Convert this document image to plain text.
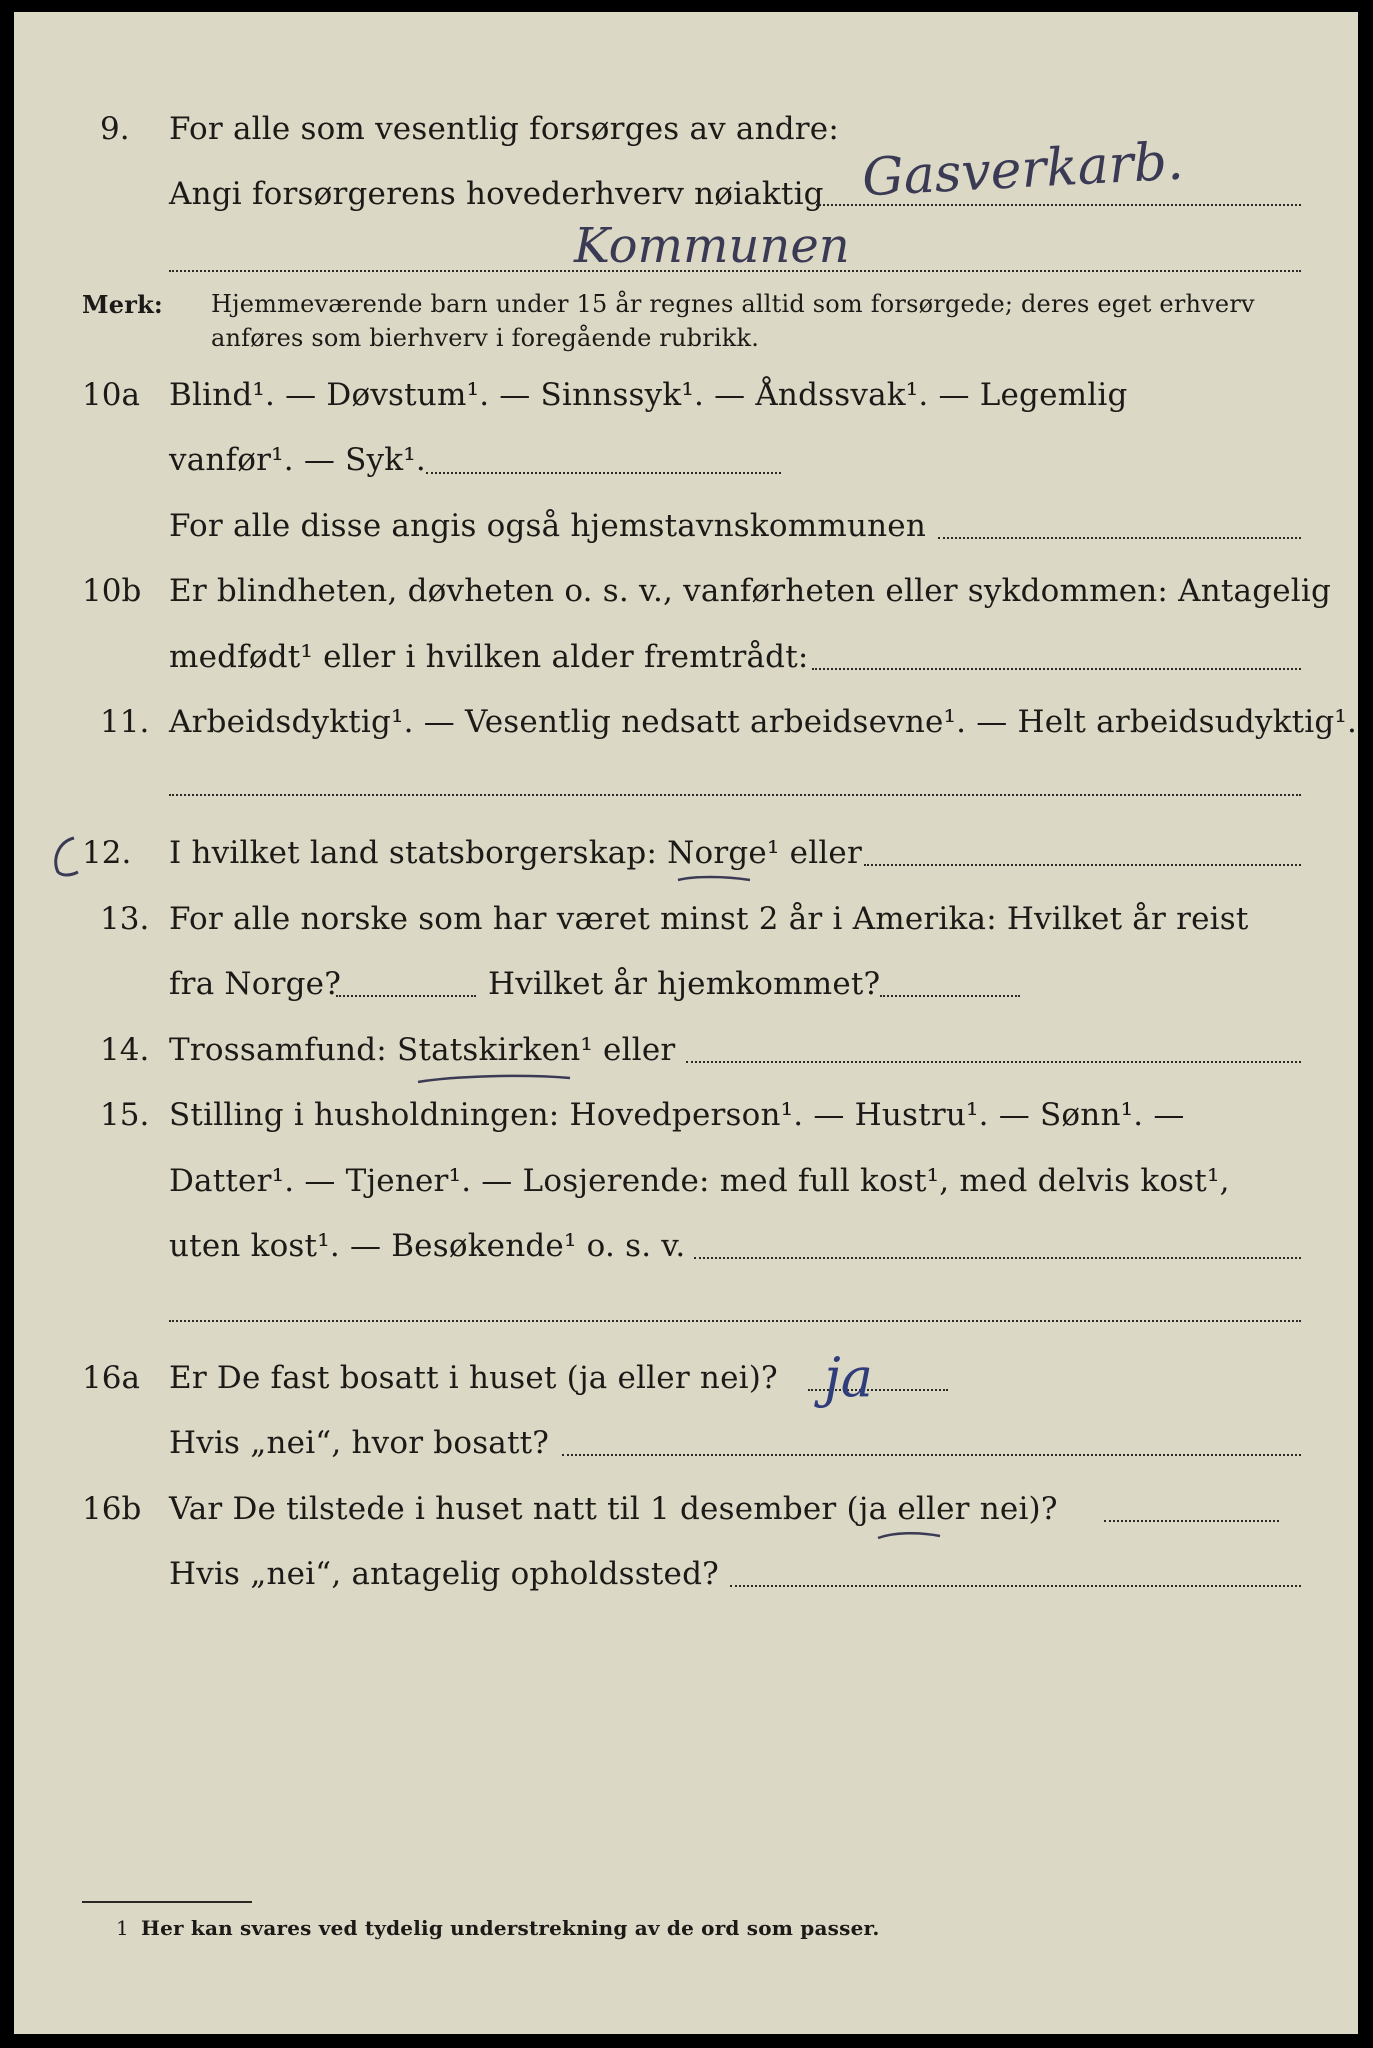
9. For alle som vesentlig forsørges av andre:
Angi forsørgerens hovederhverv nøiaktig Gasverkarb.
Kommunen
Merk: Hjemmeværende barn under 15 år regnes alltid som forsørgede; deres eget erhverv
anføres som bierhverv i foregående rubrikk.
10a Blind¹. — Døvstum¹. — Sinnssyk¹. — Åndssvak¹. — Legemlig
vanfør¹. — Syk¹.
For alle disse angis også hjemstavnskommunen
10b Er blindheten, døvheten o. s. v., vanførheten eller sykdommen: Antagelig
medfødt¹ eller i hvilken alder fremtrådt:
11. Arbeidsdyktig¹. — Vesentlig nedsatt arbeidsevne¹. — Helt arbeidsudyktig¹.
12. I hvilket land statsborgerskap: Norge¹ eller
13. For alle norske som har været minst 2 år i Amerika: Hvilket år reist
fra Norge?	Hvilket år hjemkommet?
14. Trossamfund: Statskirken¹ eller
15. Stilling i husholdningen: Hovedperson¹. — Hustru¹. — Sønn¹. —
Datter¹. — Tjener¹. — Losjerende: med full kost¹, med delvis kost¹,
uten kost¹. — Besøkende¹ o. s. v.
16a Er De fast bosatt i huset (ja eller nei)? ja
Hvis „nei“, hvor bosatt?
16b Var De tilstede i huset natt til 1 desember (ja eller nei)?
Hvis „nei“, antagelig opholdssted?
1 Her kan svares ved tydelig understrekning av de ord som passer.
